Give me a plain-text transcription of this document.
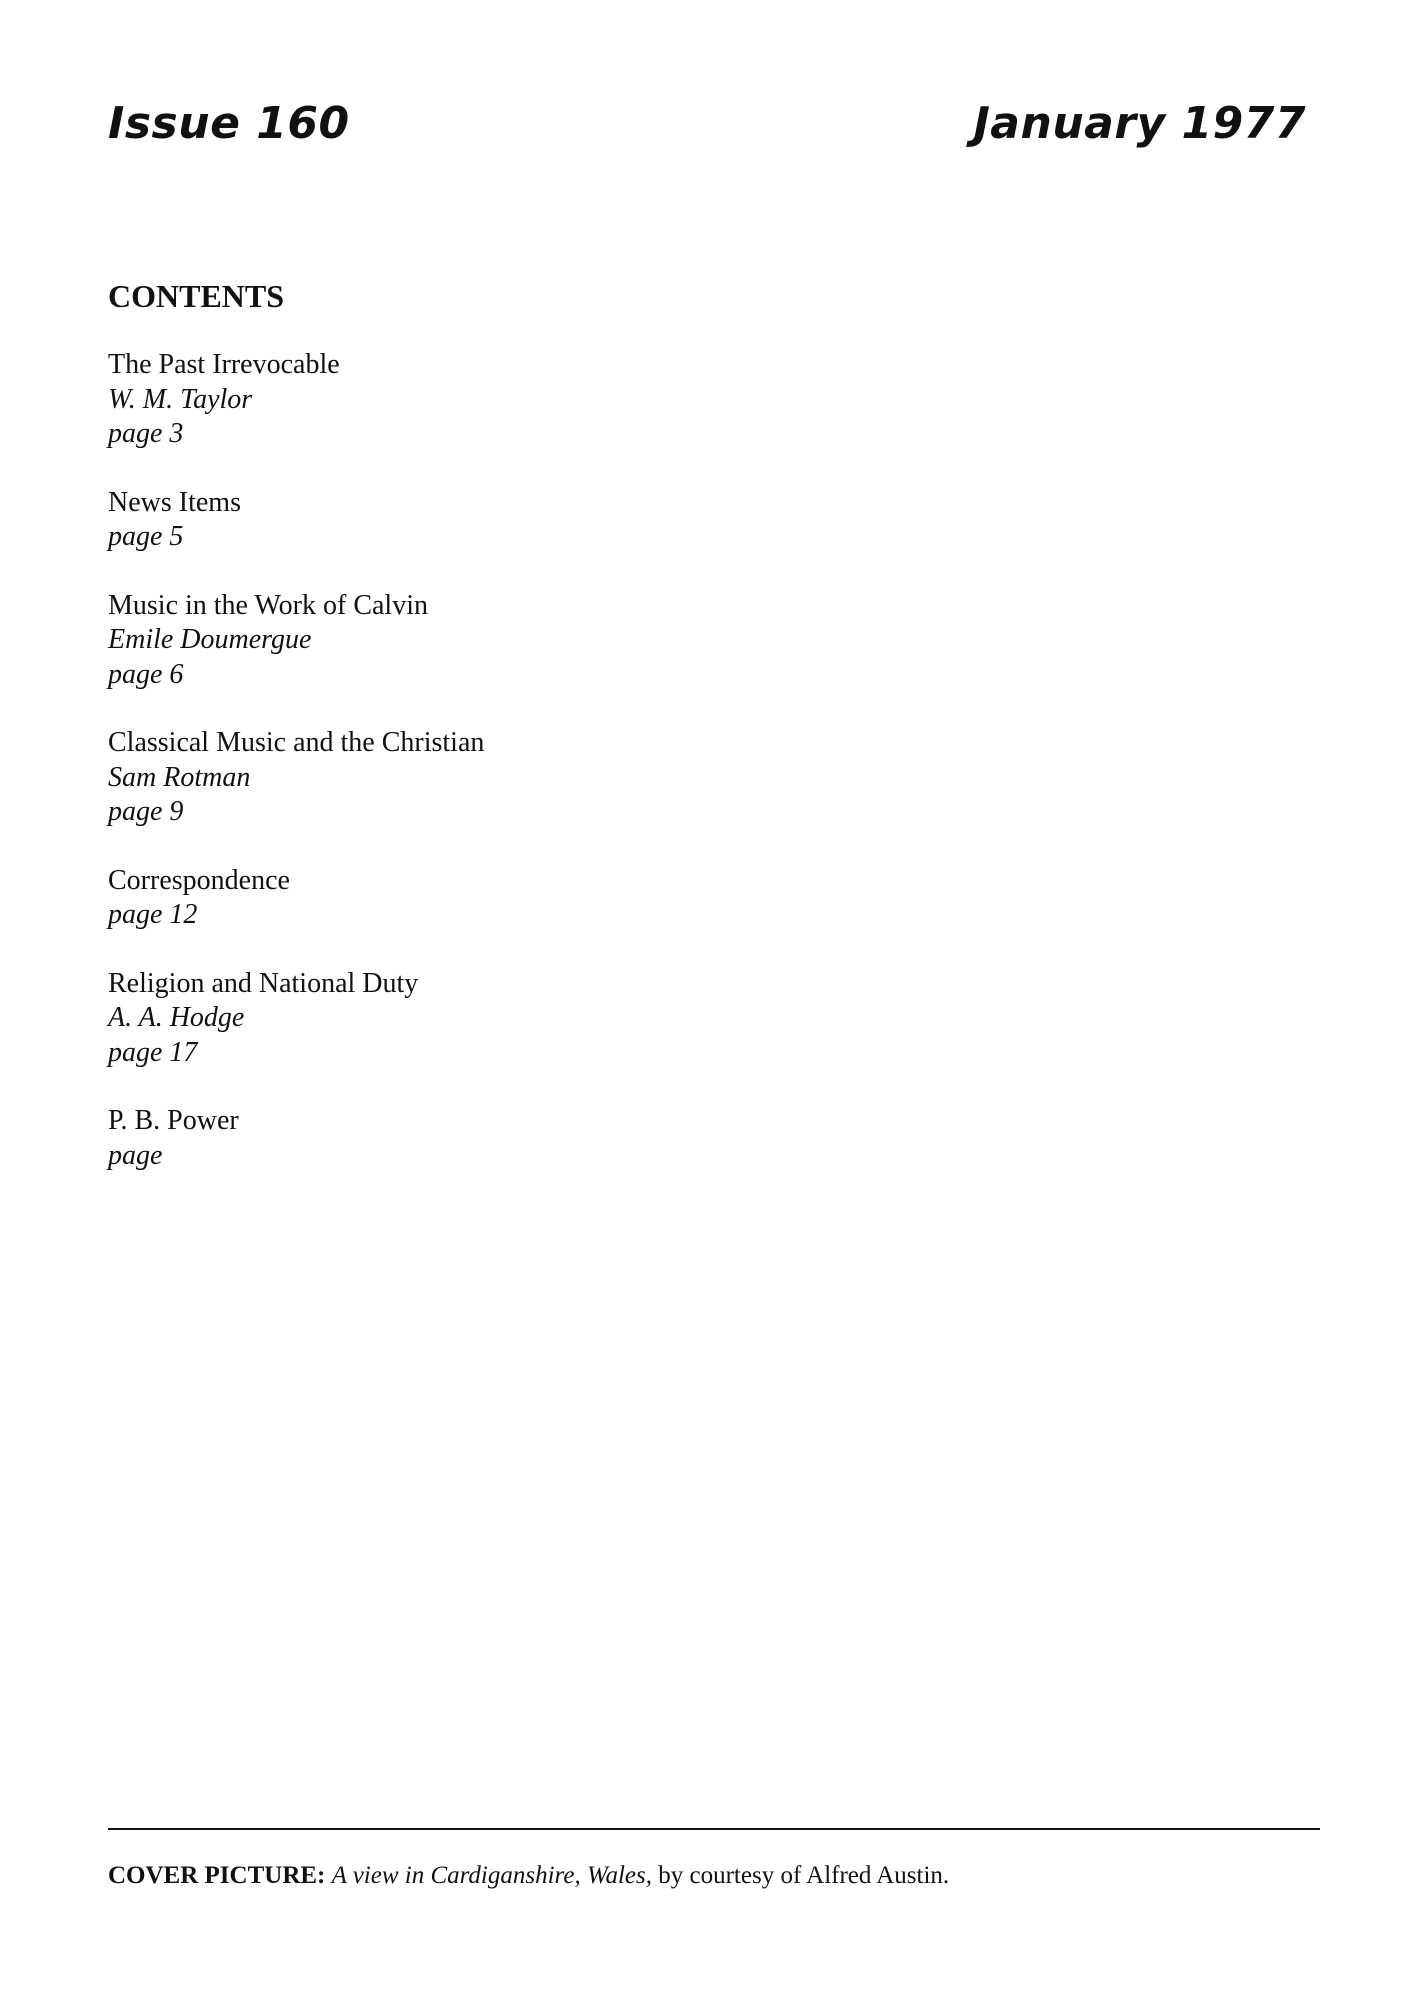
Issue 160	January 1977
CONTENTS
The Past Irrevocable
W. M. Taylor
page 3
News Items
page 5
Music in the Work of Calvin
Emile Doumergue
page 6
Classical Music and the Christian
Sam Rotman
page 9
Correspondence
page 12
Religion and National Duty
A. A. Hodge
page 17
P. B. Power
page
COVER PICTURE: A view in Cardiganshire, Wales, by courtesy of Alfred Austin.
